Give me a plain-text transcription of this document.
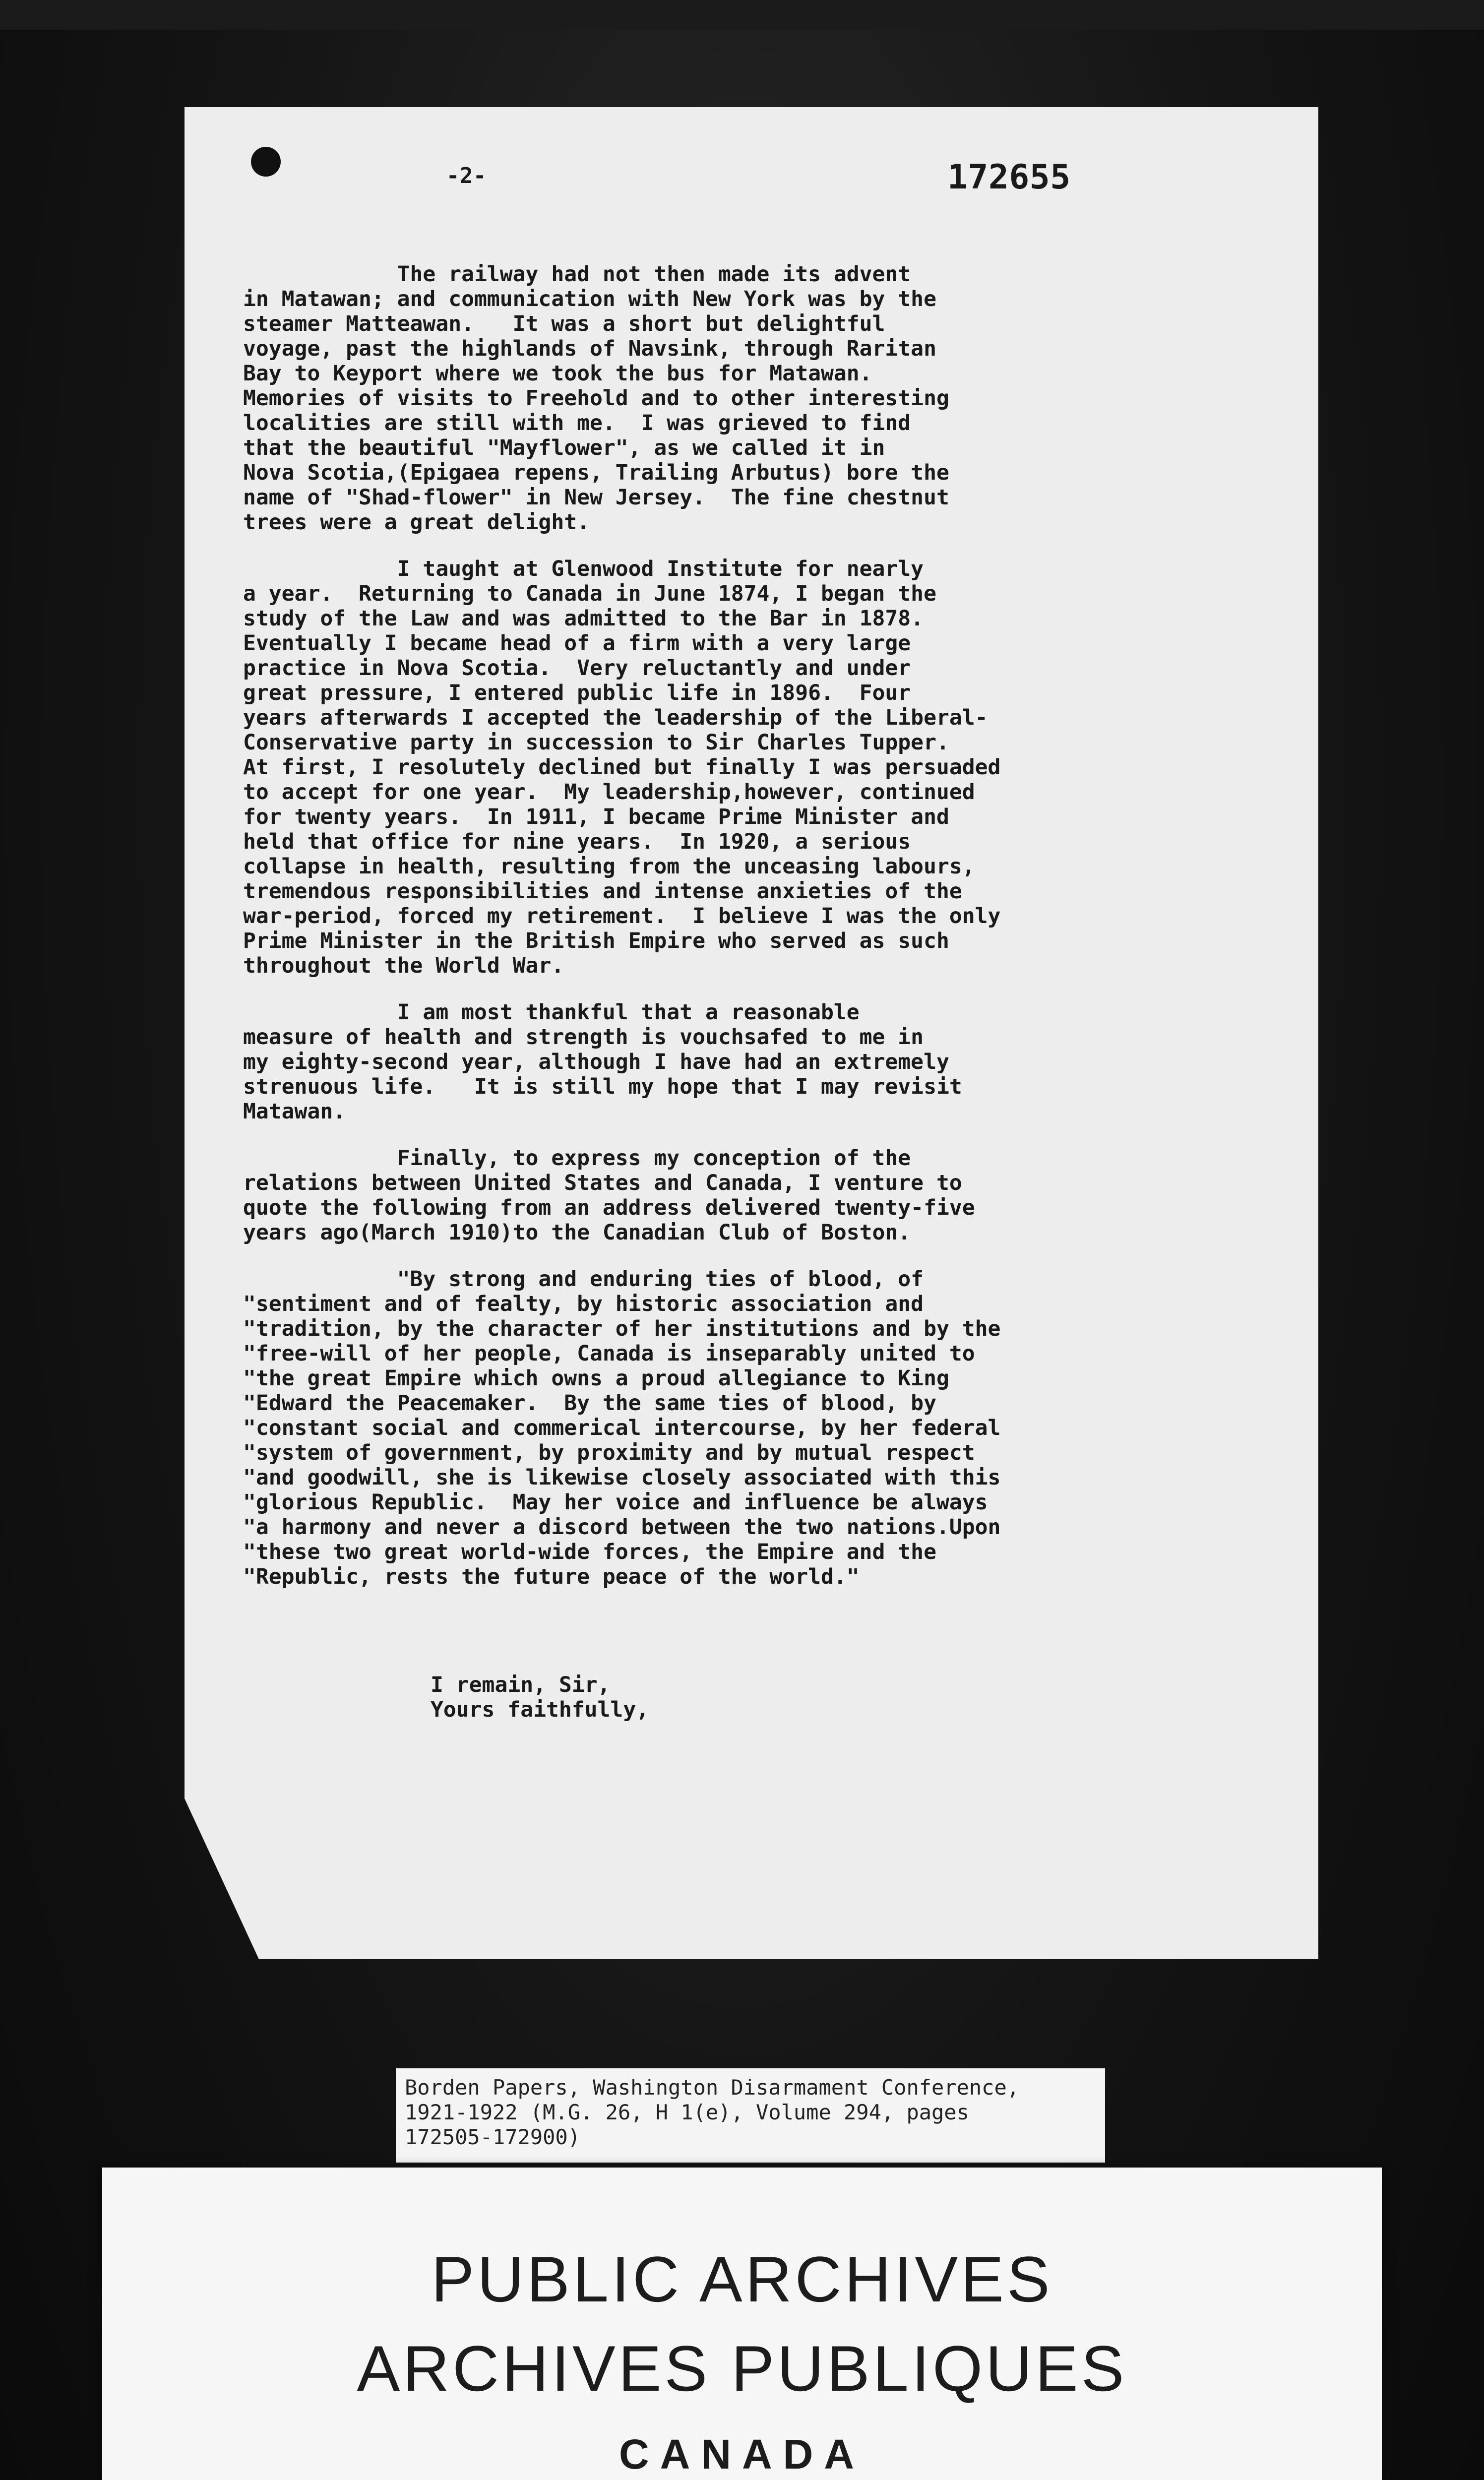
-2-	172655
The railway had not then made its advent
in Matawan; and communication with New York was by the
steamer Matteawan.   It was a short but delightful
voyage, past the highlands of Navsink, through Raritan
Bay to Keyport where we took the bus for Matawan.
Memories of visits to Freehold and to other interesting
localities are still with me.  I was grieved to find
that the beautiful "Mayflower", as we called it in
Nova Scotia,(Epigaea repens, Trailing Arbutus) bore the
name of "Shad-flower" in New Jersey.  The fine chestnut
trees were a great delight.
I taught at Glenwood Institute for nearly
a year.  Returning to Canada in June 1874, I began the
study of the Law and was admitted to the Bar in 1878.
Eventually I became head of a firm with a very large
practice in Nova Scotia.  Very reluctantly and under
great pressure, I entered public life in 1896.  Four
years afterwards I accepted the leadership of the Liberal-
Conservative party in succession to Sir Charles Tupper.
At first, I resolutely declined but finally I was persuaded
to accept for one year.  My leadership,however, continued
for twenty years.  In 1911, I became Prime Minister and
held that office for nine years.  In 1920, a serious
collapse in health, resulting from the unceasing labours,
tremendous responsibilities and intense anxieties of the
war-period, forced my retirement.  I believe I was the only
Prime Minister in the British Empire who served as such
throughout the World War.
I am most thankful that a reasonable
measure of health and strength is vouchsafed to me in
my eighty-second year, although I have had an extremely
strenuous life.   It is still my hope that I may revisit
Matawan.
Finally, to express my conception of the
relations between United States and Canada, I venture to
quote the following from an address delivered twenty-five
years ago(March 1910)to the Canadian Club of Boston.
"By strong and enduring ties of blood, of
"sentiment and of fealty, by historic association and
"tradition, by the character of her institutions and by the
"free-will of her people, Canada is inseparably united to
"the great Empire which owns a proud allegiance to King
"Edward the Peacemaker.  By the same ties of blood, by
"constant social and commerical intercourse, by her federal
"system of government, by proximity and by mutual respect
"and goodwill, she is likewise closely associated with this
"glorious Republic.  May her voice and influence be always
"a harmony and never a discord between the two nations.Upon
"these two great world-wide forces, the Empire and the
"Republic, rests the future peace of the world."
I remain, Sir,
Yours faithfully,
Borden Papers, Washington Disarmament Conference,
1921-1922 (M.G. 26, H 1(e), Volume 294, pages
172505-172900)
PUBLIC ARCHIVES
ARCHIVES PUBLIQUES
CANADA
